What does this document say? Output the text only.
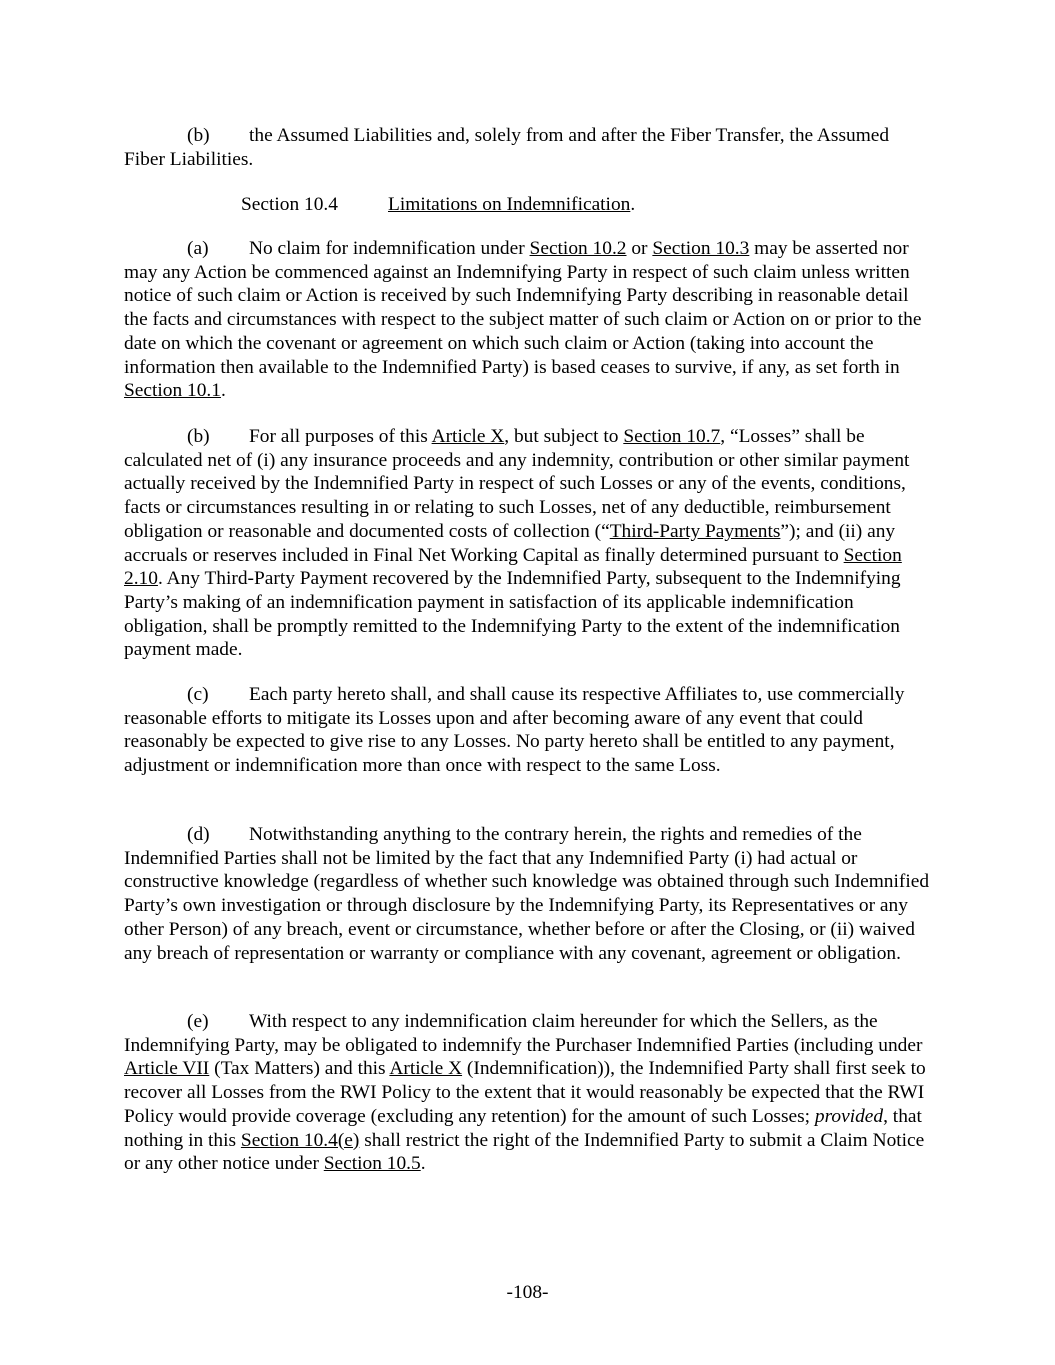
(b) the Assumed Liabilities and, solely from and after the Fiber Transfer, the Assumed Fiber Liabilities.

Section 10.4	Limitations on Indemnification.

(a) No claim for indemnification under Section 10.2 or Section 10.3 may be asserted nor may any Action be commenced against an Indemnifying Party in respect of such claim unless written notice of such claim or Action is received by such Indemnifying Party describing in reasonable detail the facts and circumstances with respect to the subject matter of such claim or Action on or prior to the date on which the covenant or agreement on which such claim or Action (taking into account the information then available to the Indemnified Party) is based ceases to survive, if any, as set forth in Section 10.1.

(b) For all purposes of this Article X, but subject to Section 10.7, “Losses” shall be calculated net of (i) any insurance proceeds and any indemnity, contribution or other similar payment actually received by the Indemnified Party in respect of such Losses or any of the events, conditions, facts or circumstances resulting in or relating to such Losses, net of any deductible, reimbursement obligation or reasonable and documented costs of collection (“Third-Party Payments”); and (ii) any accruals or reserves included in Final Net Working Capital as finally determined pursuant to Section 2.10. Any Third-Party Payment recovered by the Indemnified Party, subsequent to the Indemnifying Party’s making of an indemnification payment in satisfaction of its applicable indemnification obligation, shall be promptly remitted to the Indemnifying Party to the extent of the indemnification payment made.

(c) Each party hereto shall, and shall cause its respective Affiliates to, use commercially reasonable efforts to mitigate its Losses upon and after becoming aware of any event that could reasonably be expected to give rise to any Losses. No party hereto shall be entitled to any payment, adjustment or indemnification more than once with respect to the same Loss.

(d) Notwithstanding anything to the contrary herein, the rights and remedies of the Indemnified Parties shall not be limited by the fact that any Indemnified Party (i) had actual or constructive knowledge (regardless of whether such knowledge was obtained through such Indemnified Party’s own investigation or through disclosure by the Indemnifying Party, its Representatives or any other Person) of any breach, event or circumstance, whether before or after the Closing, or (ii) waived any breach of representation or warranty or compliance with any covenant, agreement or obligation.

(e) With respect to any indemnification claim hereunder for which the Sellers, as the Indemnifying Party, may be obligated to indemnify the Purchaser Indemnified Parties (including under Article VII (Tax Matters) and this Article X (Indemnification)), the Indemnified Party shall first seek to recover all Losses from the RWI Policy to the extent that it would reasonably be expected that the RWI Policy would provide coverage (excluding any retention) for the amount of such Losses; provided, that nothing in this Section 10.4(e) shall restrict the right of the Indemnified Party to submit a Claim Notice or any other notice under Section 10.5.

-108-
